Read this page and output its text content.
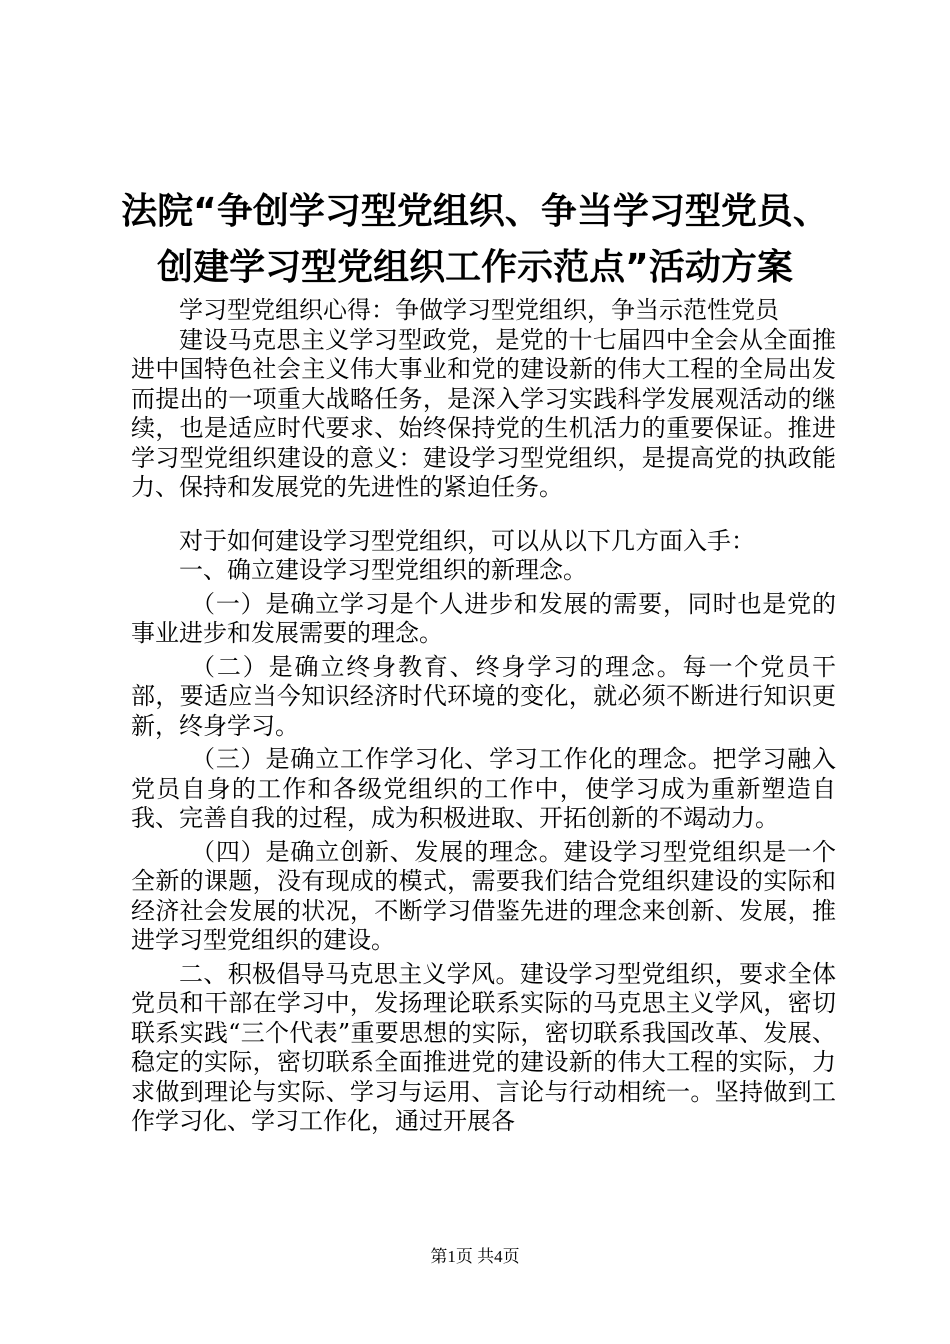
法院“争创学习型党组织、争当学习型党员、
创建学习型党组织工作示范点”活动方案

学习型党组织心得：争做学习型党组织，争当示范性党员

建设马克思主义学习型政党，是党的十七届四中全会从全面推进中国特色社会主义伟大事业和党的建设新的伟大工程的全局出发而提出的一项重大战略任务，是深入学习实践科学发展观活动的继续，也是适应时代要求、始终保持党的生机活力的重要保证。推进学习型党组织建设的意义：建设学习型党组织，是提高党的执政能力、保持和发展党的先进性的紧迫任务。

对于如何建设学习型党组织，可以从以下几方面入手：

一、确立建设学习型党组织的新理念。

（一）是确立学习是个人进步和发展的需要，同时也是党的事业进步和发展需要的理念。

（二）是确立终身教育、终身学习的理念。每一个党员干部，要适应当今知识经济时代环境的变化，就必须不断进行知识更新，终身学习。

（三）是确立工作学习化、学习工作化的理念。把学习融入党员自身的工作和各级党组织的工作中，使学习成为重新塑造自我、完善自我的过程，成为积极进取、开拓创新的不竭动力。

（四）是确立创新、发展的理念。建设学习型党组织是一个全新的课题，没有现成的模式，需要我们结合党组织建设的实际和经济社会发展的状况，不断学习借鉴先进的理念来创新、发展，推进学习型党组织的建设。

二、积极倡导马克思主义学风。建设学习型党组织，要求全体党员和干部在学习中，发扬理论联系实际的马克思主义学风，密切联系实践“三个代表”重要思想的实际，密切联系我国改革、发展、稳定的实际，密切联系全面推进党的建设新的伟大工程的实际，力求做到理论与实际、学习与运用、言论与行动相统一。坚持做到工作学习化、学习工作化，通过开展各

第1页 共4页
